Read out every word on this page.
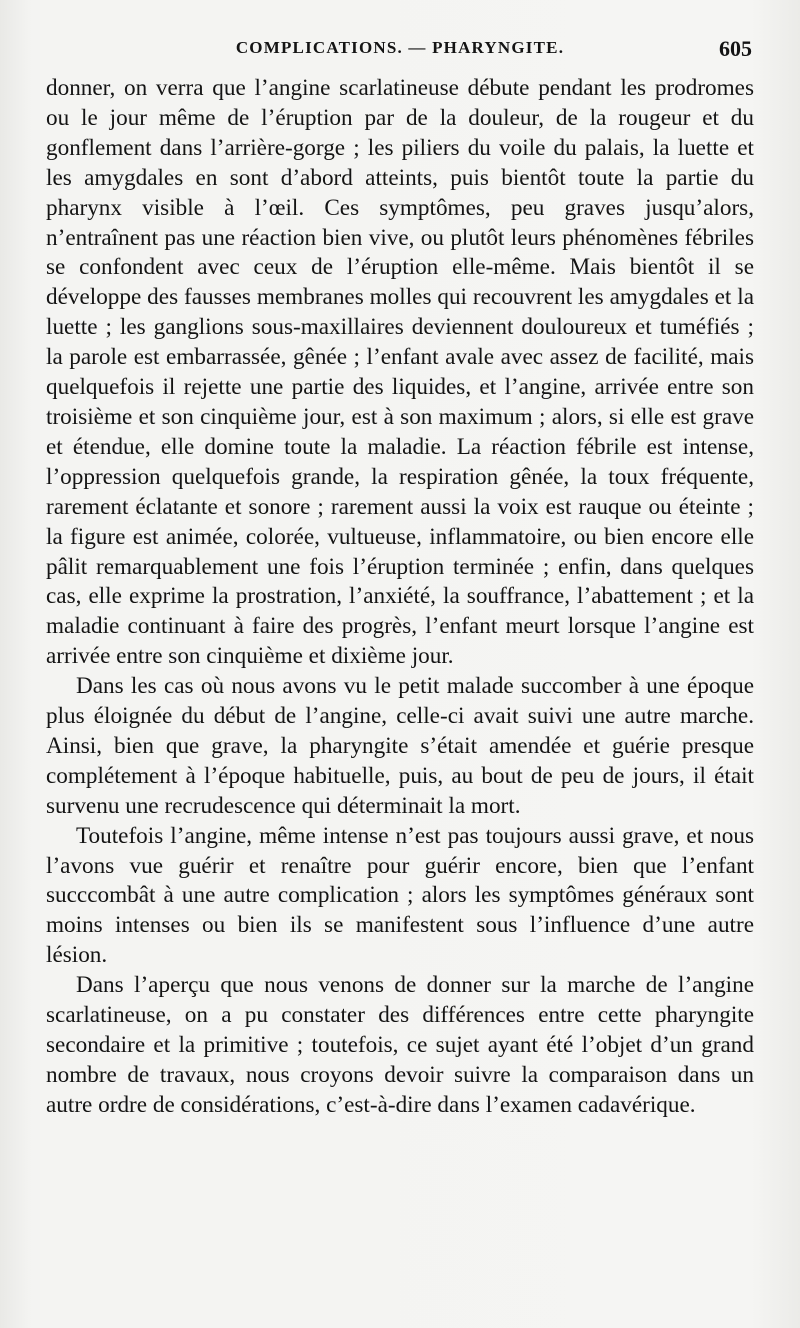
COMPLICATIONS. — PHARYNGITE.	605

donner, on verra que l’angine scarlatineuse débute pendant les prodromes ou le jour même de l’éruption par de la douleur, de la rougeur et du gonflement dans l’arrière-gorge ; les piliers du voile du palais, la luette et les amygdales en sont d’abord atteints, puis bientôt toute la partie du pharynx visible à l’œil. Ces symptômes, peu graves jusqu’alors, n’entraînent pas une réaction bien vive, ou plutôt leurs phénomènes fébriles se confondent avec ceux de l’éruption elle-même. Mais bientôt il se développe des fausses membranes molles qui recouvrent les amygdales et la luette ; les ganglions sous-maxillaires deviennent douloureux et tuméfiés ; la parole est embarrassée, gênée ; l’enfant avale avec assez de facilité, mais quelquefois il rejette une partie des liquides, et l’angine, arrivée entre son troisième et son cinquième jour, est à son maximum ; alors, si elle est grave et étendue, elle domine toute la maladie. La réaction fébrile est intense, l’oppression quelquefois grande, la respiration gênée, la toux fréquente, rarement éclatante et sonore ; rarement aussi la voix est rauque ou éteinte ; la figure est animée, colorée, vultueuse, inflammatoire, ou bien encore elle pâlit remarquablement une fois l’éruption terminée ; enfin, dans quelques cas, elle exprime la prostration, l’anxiété, la souffrance, l’abattement ; et la maladie continuant à faire des progrès, l’enfant meurt lorsque l’angine est arrivée entre son cinquième et dixième jour.

Dans les cas où nous avons vu le petit malade succomber à une époque plus éloignée du début de l’angine, celle-ci avait suivi une autre marche. Ainsi, bien que grave, la pharyngite s’était amendée et guérie presque complétement à l’époque habituelle, puis, au bout de peu de jours, il était survenu une recrudescence qui déterminait la mort.

Toutefois l’angine, même intense n’est pas toujours aussi grave, et nous l’avons vue guérir et renaître pour guérir encore, bien que l’enfant succcombât à une autre complication ; alors les symptômes généraux sont moins intenses ou bien ils se manifestent sous l’influence d’une autre lésion.

Dans l’aperçu que nous venons de donner sur la marche de l’angine scarlatineuse, on a pu constater des différences entre cette pharyngite secondaire et la primitive ; toutefois, ce sujet ayant été l’objet d’un grand nombre de travaux, nous croyons devoir suivre la comparaison dans un autre ordre de considérations, c’est-à-dire dans l’examen cadavérique.
